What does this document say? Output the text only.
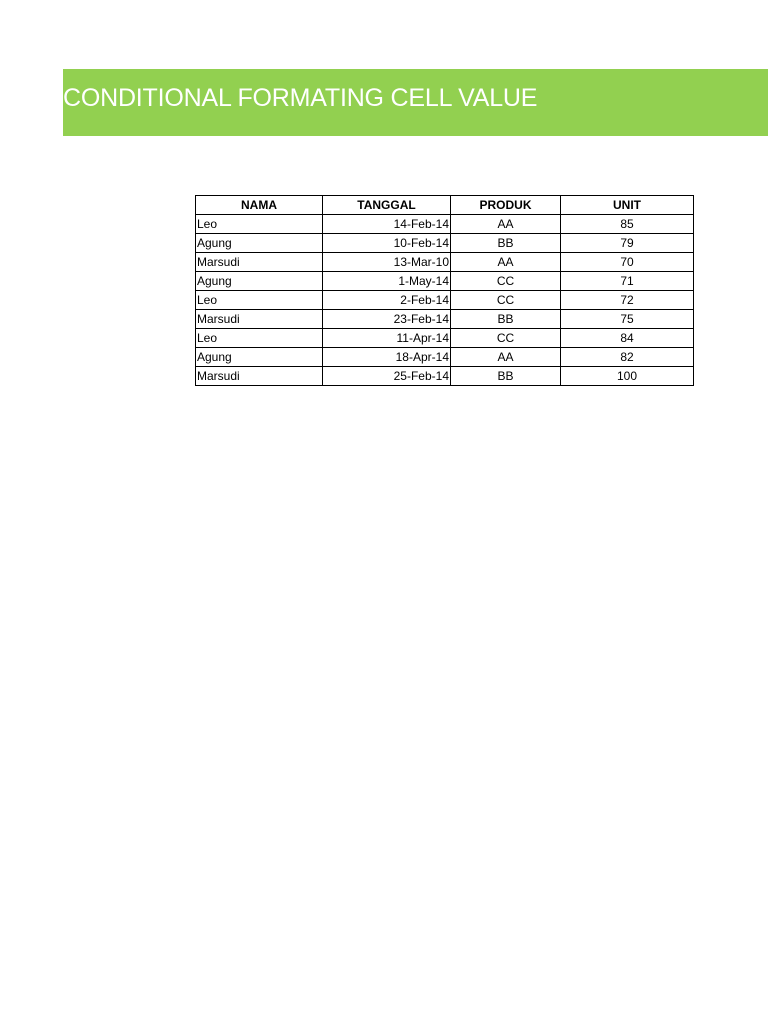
CONDITIONAL FORMATING CELL VALUE
NAMA	TANGGAL	PRODUK	UNIT
Leo	14-Feb-14	AA	85
Agung	10-Feb-14	BB	79
Marsudi	13-Mar-10	AA	70
Agung	1-May-14	CC	71
Leo	2-Feb-14	CC	72
Marsudi	23-Feb-14	BB	75
Leo	11-Apr-14	CC	84
Agung	18-Apr-14	AA	82
Marsudi	25-Feb-14	BB	100
